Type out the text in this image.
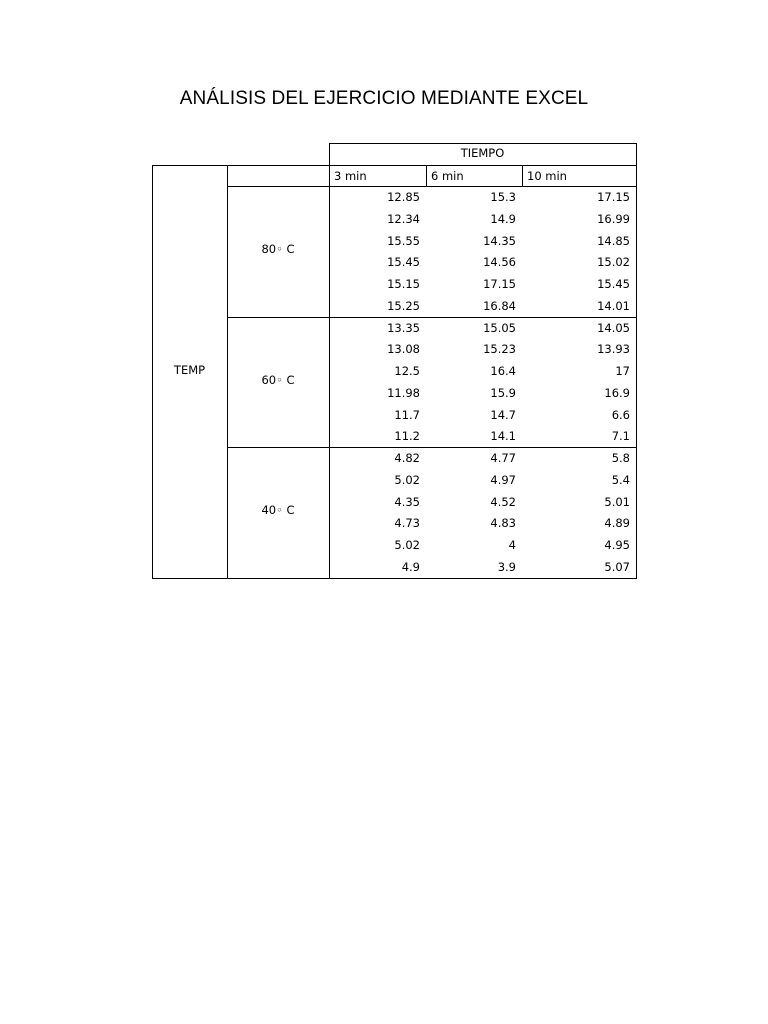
ANÁLISIS DEL EJERCICIO MEDIANTE EXCEL
TIEMPO
3 min	6 min	10 min
TEMP
80◦ C
12.85	15.3	17.15
12.34	14.9	16.99
15.55	14.35	14.85
15.45	14.56	15.02
15.15	17.15	15.45
15.25	16.84	14.01
60◦ C
13.35	15.05	14.05
13.08	15.23	13.93
12.5	16.4	17
11.98	15.9	16.9
11.7	14.7	6.6
11.2	14.1	7.1
40◦ C
4.82	4.77	5.8
5.02	4.97	5.4
4.35	4.52	5.01
4.73	4.83	4.89
5.02	4	4.95
4.9	3.9	5.07
